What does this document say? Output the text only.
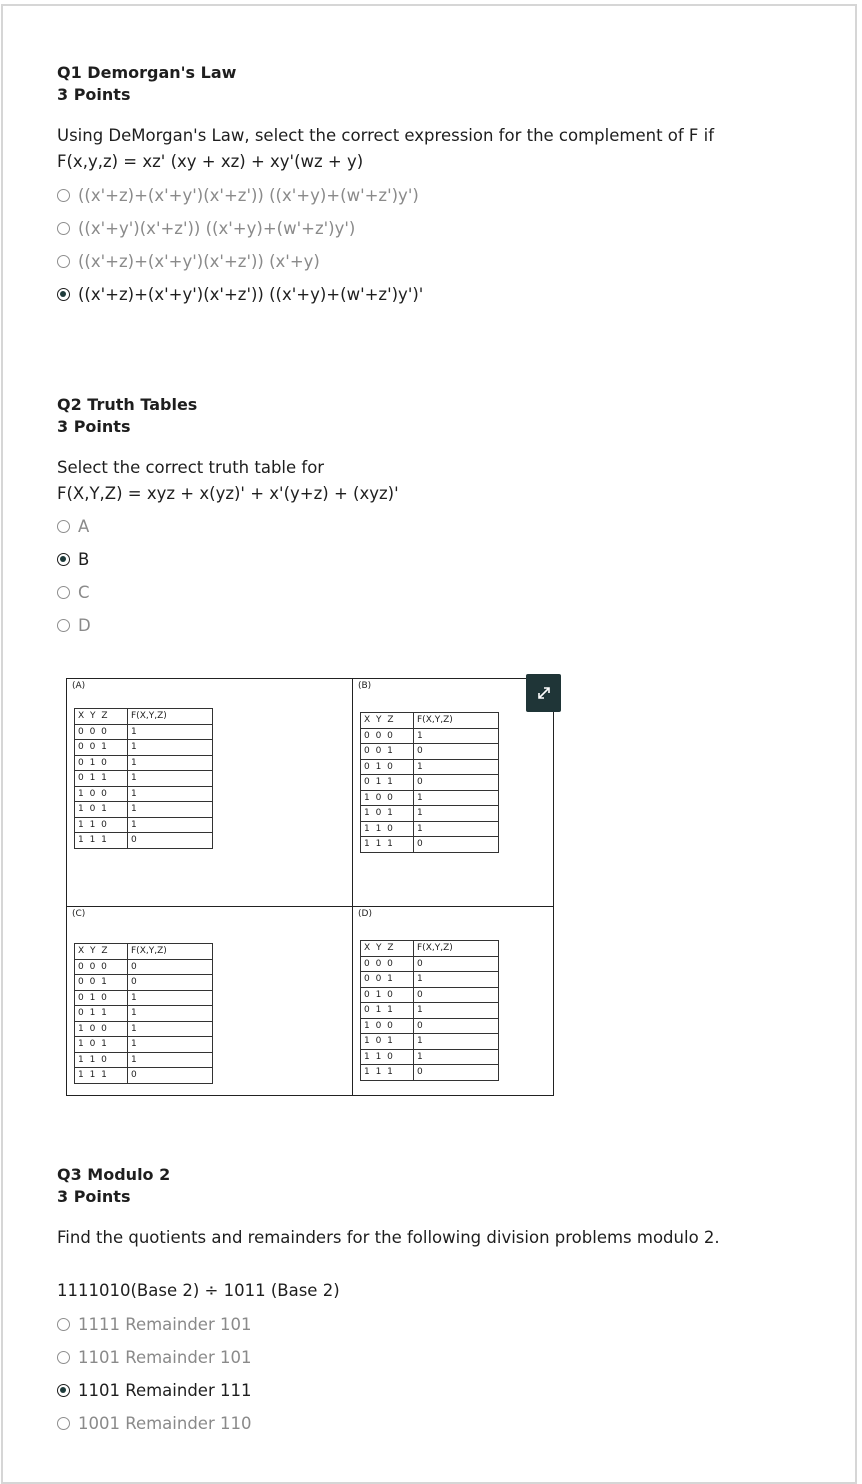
Q1 Demorgan's Law
3 Points
Using DeMorgan's Law, select the correct expression for the complement of F if
F(x,y,z) = xz' (xy + xz) + xy'(wz + y)
((x'+z)+(x'+y')(x'+z')) ((x'+y)+(w'+z')y')
((x'+y')(x'+z')) ((x'+y)+(w'+z')y')
((x'+z)+(x'+y')(x'+z')) (x'+y)
((x'+z)+(x'+y')(x'+z')) ((x'+y)+(w'+z')y')'
Q2 Truth Tables
3 Points
Select the correct truth table for
F(X,Y,Z) = xyz + x(yz)' + x'(y+z) + (xyz)'
A
B
C
D
(A)
X Y Z	F(X,Y,Z)
0 0 0	1
0 0 1	1
0 1 0	1
0 1 1	1
1 0 0	1
1 0 1	1
1 1 0	1
1 1 1	0
(B)
X Y Z	F(X,Y,Z)
0 0 0	1
0 0 1	0
0 1 0	1
0 1 1	0
1 0 0	1
1 0 1	1
1 1 0	1
1 1 1	0
(C)
X Y Z	F(X,Y,Z)
0 0 0	0
0 0 1	0
0 1 0	1
0 1 1	1
1 0 0	1
1 0 1	1
1 1 0	1
1 1 1	0
(D)
X Y Z	F(X,Y,Z)
0 0 0	0
0 0 1	1
0 1 0	0
0 1 1	1
1 0 0	0
1 0 1	1
1 1 0	1
1 1 1	0
Q3 Modulo 2
3 Points
Find the quotients and remainders for the following division problems modulo 2.
1111010(Base 2) ÷ 1011 (Base 2)
1111 Remainder 101
1101 Remainder 101
1101 Remainder 111
1001 Remainder 110
